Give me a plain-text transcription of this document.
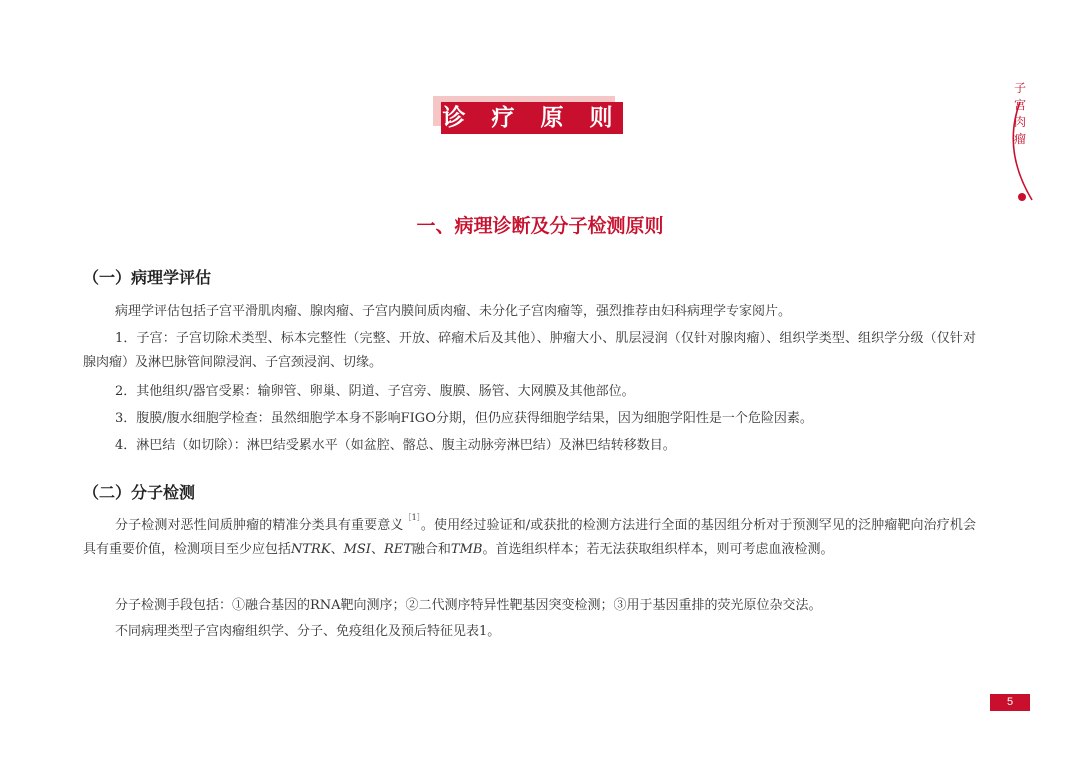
子
宫
肉
瘤
诊 疗 原 则
一、病理诊断及分子检测原则
（一）病理学评估

病理学评估包括子宫平滑肌肉瘤、腺肉瘤、子宫内膜间质肉瘤、未分化子宫肉瘤等，强烈推荐由妇科病理学专家阅片。

1．子宫：子宫切除术类型、标本完整性（完整、开放、碎瘤术后及其他）、肿瘤大小、肌层浸润（仅针对腺肉瘤）、组织学类型、组织学分级（仅针对腺肉瘤）及淋巴脉管间隙浸润、子宫颈浸润、切缘。

2．其他组织/器官受累：输卵管、卵巢、阴道、子宫旁、腹膜、肠管、大网膜及其他部位。

3．腹膜/腹水细胞学检查：虽然细胞学本身不影响FIGO分期，但仍应获得细胞学结果，因为细胞学阳性是一个危险因素。

4．淋巴结（如切除）：淋巴结受累水平（如盆腔、髂总、腹主动脉旁淋巴结）及淋巴结转移数目。

（二）分子检测

分子检测对恶性间质肿瘤的精准分类具有重要意义$^{[1]}$。使用经过验证和/或获批的检测方法进行全面的基因组分析对于预测罕见的泛肿瘤靶向治疗机会具有重要价值，检测项目至少应包括NTRK、MSI、RET融合和TMB。首选组织样本；若无法获取组织样本，则可考虑血液检测。

分子检测手段包括：①融合基因的RNA靶向测序；②二代测序特异性靶基因突变检测；③用于基因重排的荧光原位杂交法。

不同病理类型子宫肉瘤组织学、分子、免疫组化及预后特征见表1。

5
